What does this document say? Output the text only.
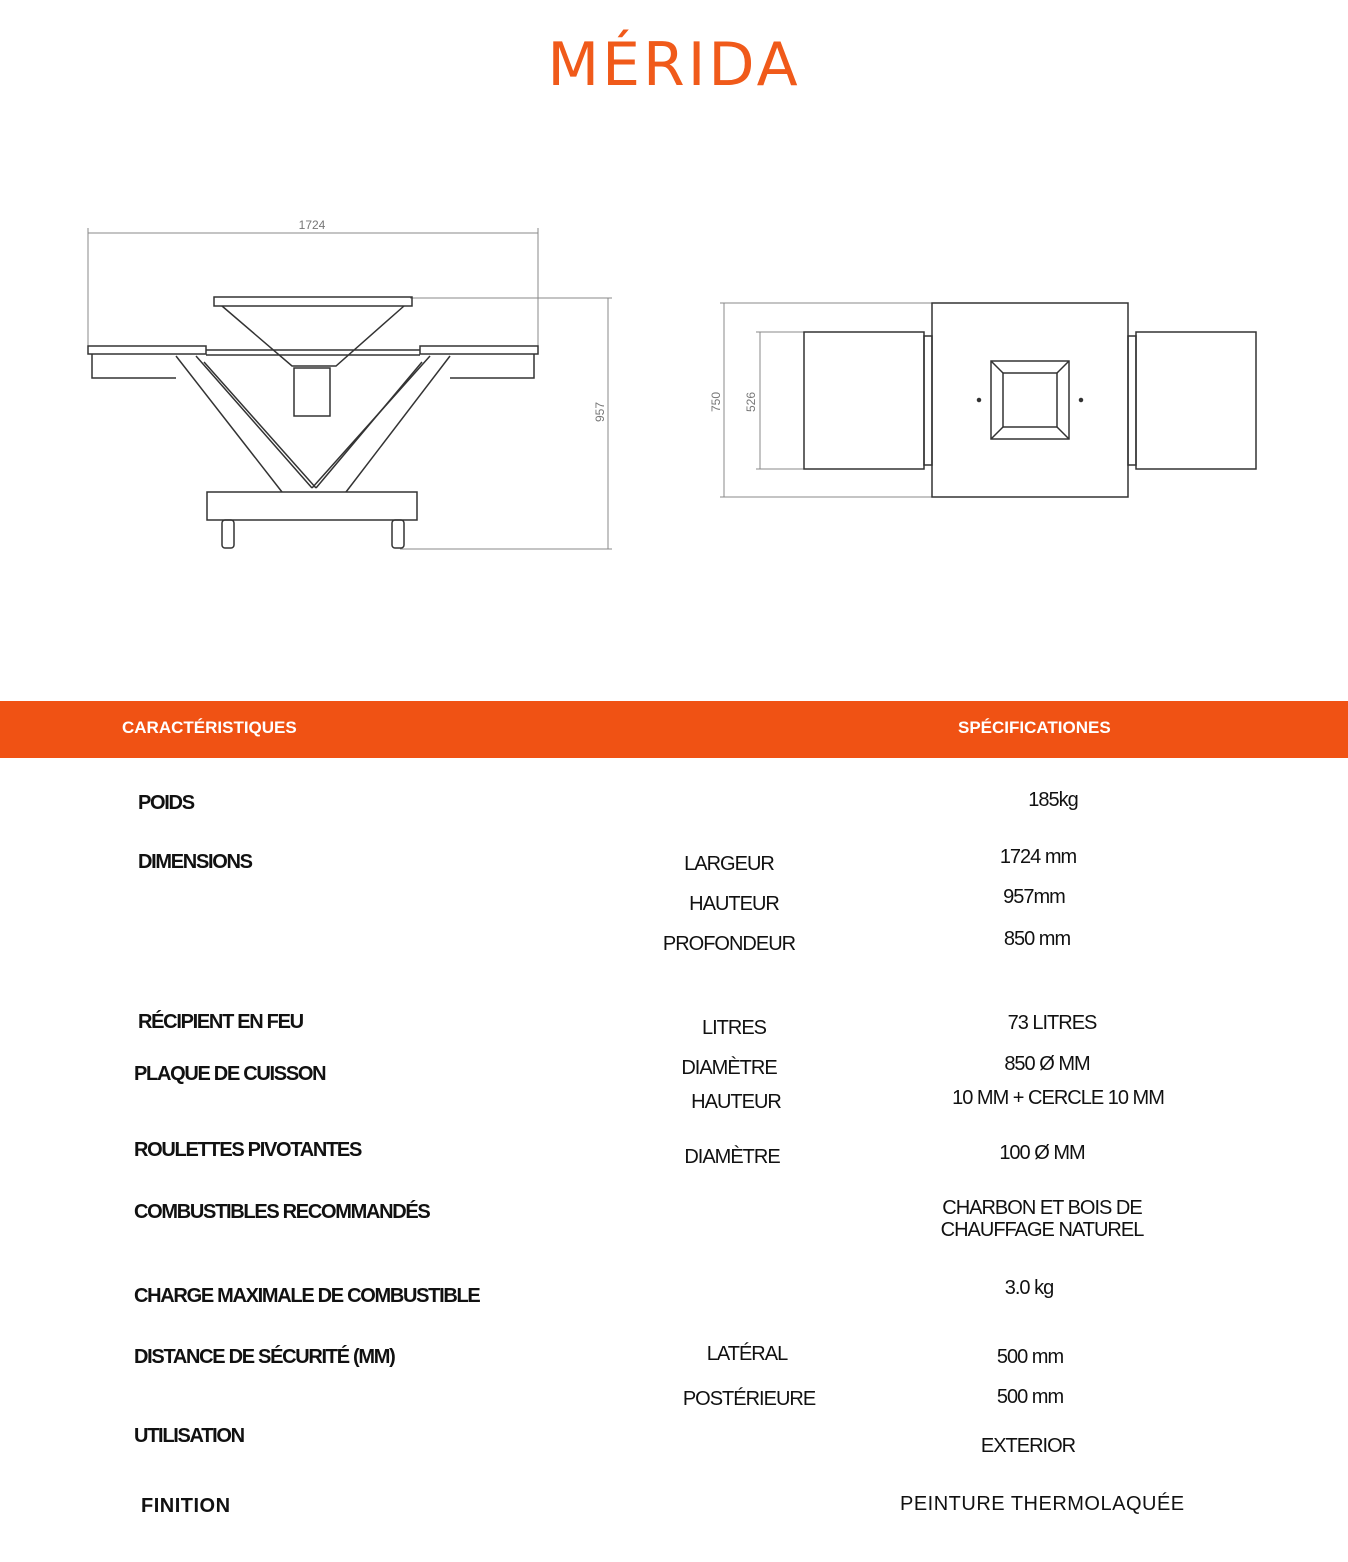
MÉRIDA
1724
957	750 526
CARACTÉRISTIQUES	SPÉCIFICATIONES
POIDS	185kg
DIMENSIONS	LARGEUR	1724 mm
HAUTEUR	957mm
PROFONDEUR	850 mm
RÉCIPIENT EN FEU	LITRES	73 LITRES
PLAQUE DE CUISSON	DIAMÈTRE	850 Ø MM
HAUTEUR	10 MM + CERCLE 10 MM
ROULETTES PIVOTANTES	DIAMÈTRE	100 Ø MM
COMBUSTIBLES RECOMMANDÉS	CHARBON ET BOIS DE
CHAUFFAGE NATUREL
CHARGE MAXIMALE DE COMBUSTIBLE	3.0 kg
DISTANCE DE SÉCURITÉ (MM)	LATÉRAL	500 mm
POSTÉRIEURE	500 mm
UTILISATION	EXTERIOR
FINITION	PEINTURE THERMOLAQUÉE
